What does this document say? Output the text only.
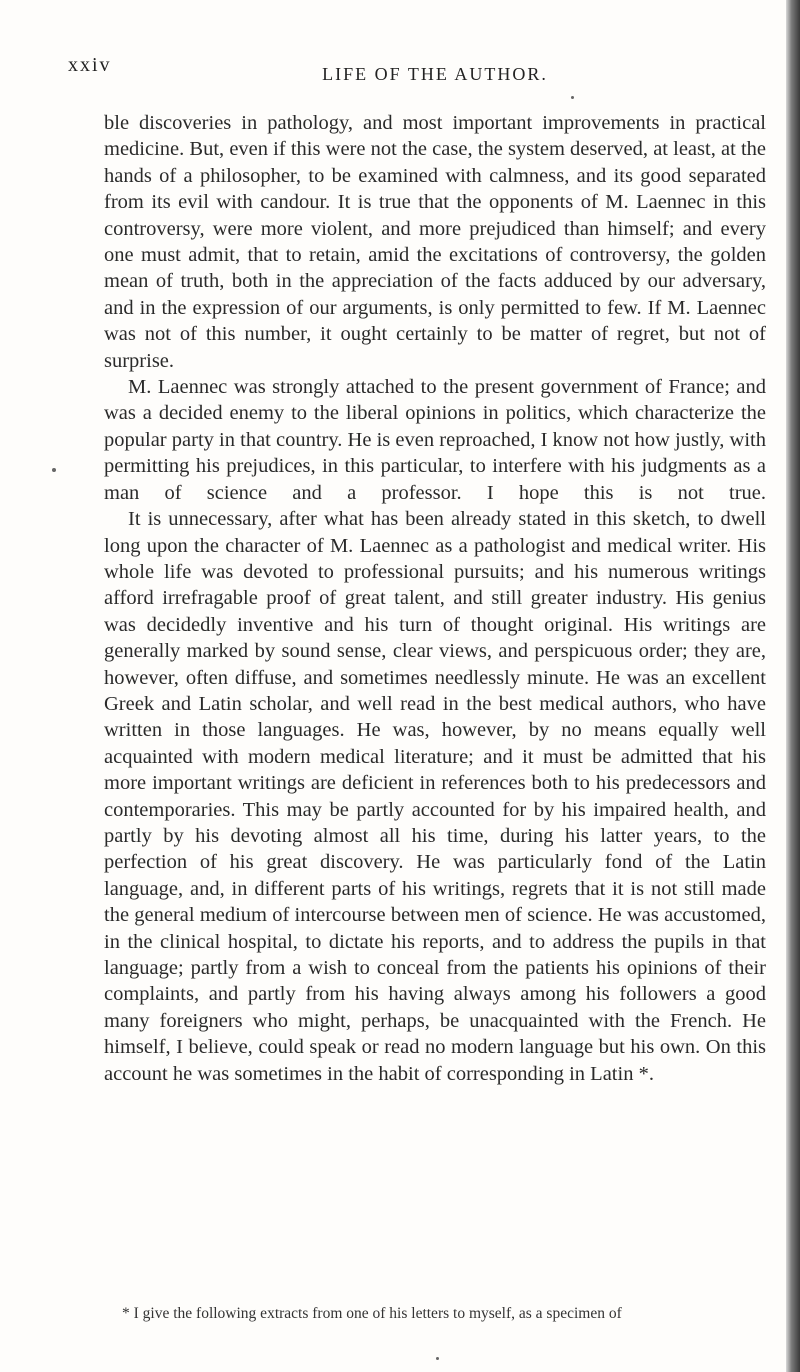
xxiv	LIFE OF THE AUTHOR.

ble discoveries in pathology, and most important improvements in practical medicine. But, even if this were not the case, the system deserved, at least, at the hands of a philosopher, to be examined with calmness, and its good separated from its evil with candour. It is true that the opponents of M. Laennec in this controversy, were more violent, and more prejudiced than himself; and every one must admit, that to retain, amid the excitations of controversy, the golden mean of truth, both in the appreciation of the facts adduced by our adversary, and in the expression of our arguments, is only permitted to few. If M. Laennec was not of this number, it ought certainly to be matter of regret, but not of surprise.

M. Laennec was strongly attached to the present government of France; and was a decided enemy to the liberal opinions in politics, which characterize the popular party in that country. He is even reproached, I know not how justly, with permitting his prejudices, in this particular, to interfere with his judgments as a man of science and a professor. I hope this is not true.

It is unnecessary, after what has been already stated in this sketch, to dwell long upon the character of M. Laennec as a pathologist and medical writer. His whole life was devoted to professional pursuits; and his numerous writings afford irrefragable proof of great talent, and still greater industry. His genius was decidedly inventive and his turn of thought original. His writings are generally marked by sound sense, clear views, and perspicuous order; they are, however, often diffuse, and sometimes needlessly minute. He was an excellent Greek and Latin scholar, and well read in the best medical authors, who have written in those languages. He was, however, by no means equally well acquainted with modern medical literature; and it must be admitted that his more important writings are deficient in references both to his predecessors and contemporaries. This may be partly accounted for by his impaired health, and partly by his devoting almost all his time, during his latter years, to the perfection of his great discovery. He was particularly fond of the Latin language, and, in different parts of his writings, regrets that it is not still made the general medium of intercourse between men of science. He was accustomed, in the clinical hospital, to dictate his reports, and to address the pupils in that language; partly from a wish to conceal from the patients his opinions of their complaints, and partly from his having always among his followers a good many foreigners who might, perhaps, be unacquainted with the French. He himself, I believe, could speak or read no modern language but his own. On this account he was sometimes in the habit of corresponding in Latin *.

* I give the following extracts from one of his letters to myself, as a specimen of
